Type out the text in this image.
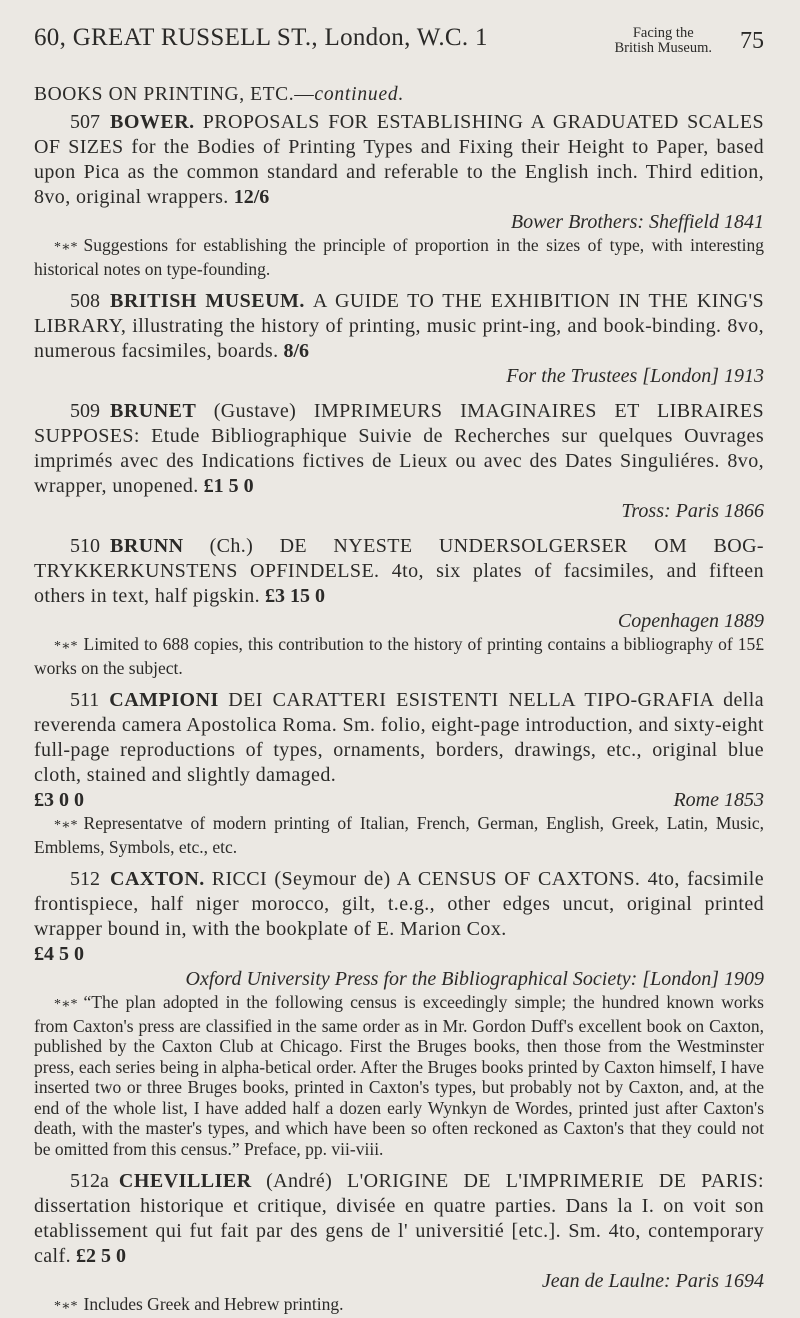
60, GREAT RUSSELL ST., London, W.C. 1	Facing the
British Museum. 75
BOOKS ON PRINTING, ETC.—continued.

507 BOWER. PROPOSALS FOR ESTABLISHING A GRADUATED SCALES OF SIZES for the Bodies of Printing Types and Fixing their Height to Paper, based upon Pica as the common standard and referable to the English inch. Third edition, 8vo, original wrappers. 12/6

Bower Brothers: Sheffield 1841

*∗* Suggestions for establishing the principle of proportion in the sizes of type, with interesting historical notes on type-founding.

508 BRITISH MUSEUM. A GUIDE TO THE EXHIBITION IN THE KING'S LIBRARY, illustrating the history of printing, music print-ing, and book-binding. 8vo, numerous facsimiles, boards. 8/6

For the Trustees [London] 1913

509 BRUNET (Gustave) IMPRIMEURS IMAGINAIRES ET LIBRAIRES SUPPOSES: Etude Bibliographique Suivie de Recherches sur quelques Ouvrages imprimés avec des Indications fictives de Lieux ou avec des Dates Singuliéres. 8vo, wrapper, unopened. £1 5 0

Tross: Paris 1866

510 BRUNN (Ch.) DE NYESTE UNDERSOLGERSER OM BOG-TRYKKERKUNSTENS OPFINDELSE. 4to, six plates of facsimiles, and fifteen others in text, half pigskin. £3 15 0

Copenhagen 1889

*∗* Limited to 688 copies, this contribution to the history of printing contains a bibliography of 15£ works on the subject.

511 CAMPIONI DEI CARATTERI ESISTENTI NELLA TIPO-GRAFIA della reverenda camera Apostolica Roma. Sm. folio, eight-page introduction, and sixty-eight full-page reproductions of types, ornaments, borders, drawings, etc., original blue cloth, stained and slightly damaged.

£3 0 0	Rome 1853

*∗* Representatve of modern printing of Italian, French, German, English, Greek, Latin, Music, Emblems, Symbols, etc., etc.

512 CAXTON. RICCI (Seymour de) A CENSUS OF CAXTONS. 4to, facsimile frontispiece, half niger morocco, gilt, t.e.g., other edges uncut, original printed wrapper bound in, with the bookplate of E. Marion Cox.

£4 5 0

Oxford University Press for the Bibliographical Society: [London] 1909

*∗* “The plan adopted in the following census is exceedingly simple; the hundred known works from Caxton's press are classified in the same order as in Mr. Gordon Duff's excellent book on Caxton, published by the Caxton Club at Chicago. First the Bruges books, then those from the Westminster press, each series being in alpha-betical order. After the Bruges books printed by Caxton himself, I have inserted two or three Bruges books, printed in Caxton's types, but probably not by Caxton, and, at the end of the whole list, I have added half a dozen early Wynkyn de Wordes, printed just after Caxton's death, with the master's types, and which have been so often reckoned as Caxton's that they could not be omitted from this census.” Preface, pp. vii-viii.

512a CHEVILLIER (André) L'ORIGINE DE L'IMPRIMERIE DE PARIS: dissertation historique et critique, divisée en quatre parties. Dans la I. on voit son etablissement qui fut fait par des gens de l' universitié [etc.]. Sm. 4to, contemporary calf. £2 5 0

Jean de Laulne: Paris 1694

*∗* Includes Greek and Hebrew printing.
